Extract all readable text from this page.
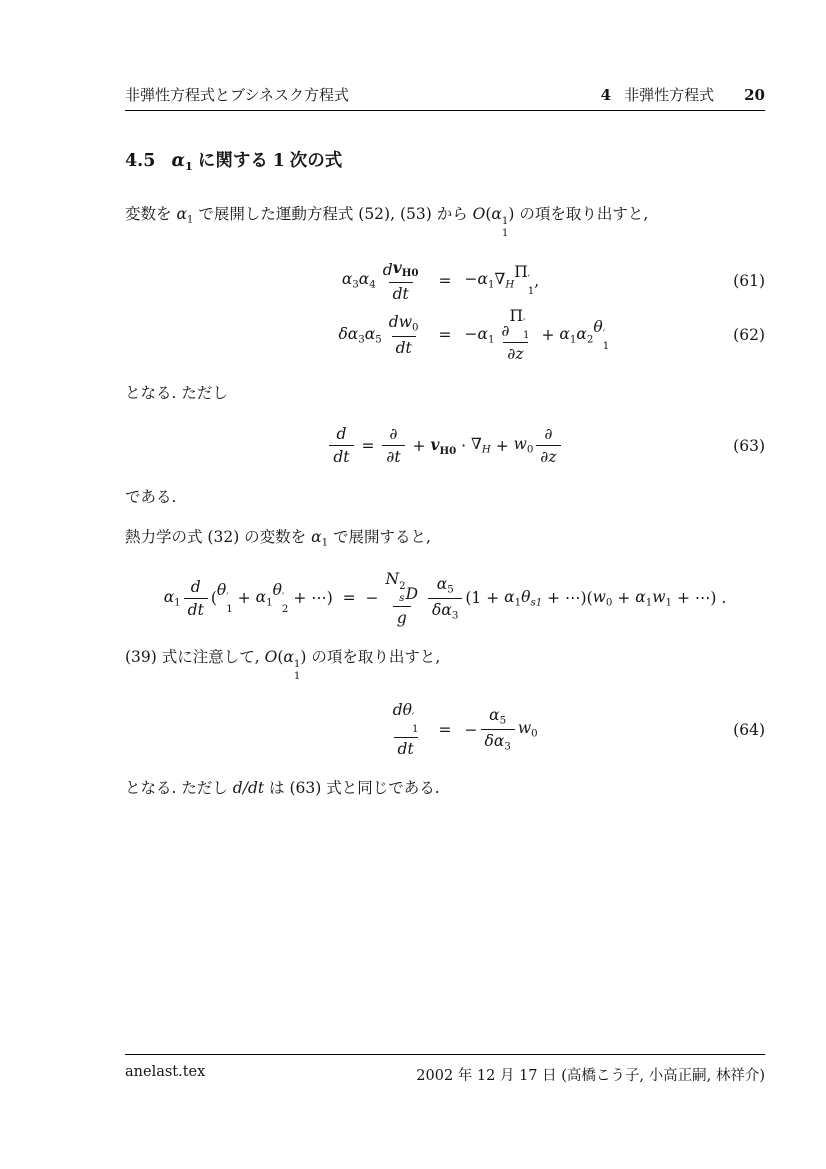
非弾性方程式とブシネスク方程式	4 非弾性方程式 20
4.5 $\alpha_1$ に関する 1 次の式

変数を $\alpha_1$ で展開した運動方程式 (52), (53) から O(α 1
1
) の項を取り出すと,

$\alpha_3$ $\alpha_4 \frac{d v_{H0}}{dt}$	= $-\alpha_1$ $\nabla_H$
Π ′
1
,	(61)
$\delta\alpha_3$ $\alpha_5 \frac{dw_0}{dt}$	= $-\alpha_1$ ∂
Π ′
1
$\partial z + \alpha_1$ $\alpha_2$
θ ′
1
(62)

となる. ただし

$\frac{d}{dt} = \frac{\partial}{\partial t} + v_{H0} \cdot \nabla_H + w_0 \frac{\partial}{\partial z}$	(63)

である.

熱力学の式 (32) の変数を $\alpha_1$ で展開すると,

$\alpha_1 \frac{d}{dt}$ ( θ ′
1
+ $\alpha_1$
θ ′
2
+ ⋯) = − N 2
s D
g $\frac{\alpha_5}{\delta\alpha_3} (1 + \alpha_1$ $\theta_{s1}$ + ⋯)( $w_0 + \alpha_1$ $w_1$ + ⋯) .

(39) 式に注意して, O(α 1
1
) の項を取り出すと,

dθ ′
1
dt	= − $\frac{\alpha_5}{\delta\alpha_3} w_0$	(64)

となる. ただし d/dt は (63) 式と同じである.

anelast.tex	2002 年 12 月 17 日 (高橋こう子, 小高正嗣, 林祥介)
